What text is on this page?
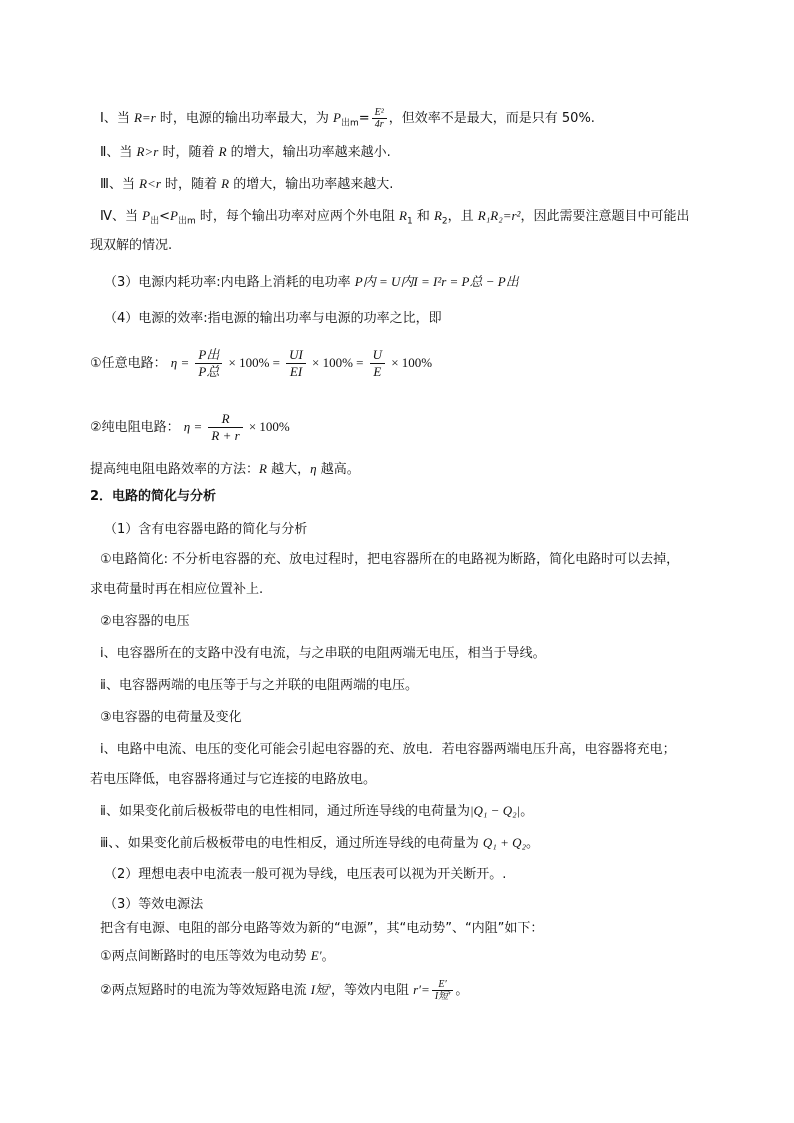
Ⅰ、当 R=r 时，电源的输出功率最大，为 $P_{出m}= \frac{\text{E²}}{4r}$ ，但效率不是最大，而是只有 50%.
Ⅱ、当 R>r 时，随着 R 的增大，输出功率越来越小.
Ⅲ、当 R<r 时，随着 R 的增大，输出功率越来越大.
Ⅳ、当 $P_出<P_{出m}$ 时，每个输出功率对应两个外电阻 $R_1$ 和 $R_2$，且 R₁R₂=r²，因此需要注意题目中可能出
现双解的情况.
（3）电源内耗功率:内电路上消耗的电功率 P内 = U内I = I²r = P总 − P出
（4）电源的效率:指电源的输出功率与电源的功率之比，即
①任意电路： $\eta = \frac{\text{P出}}{\text{P总}} \times 100\% = \frac{UI}{EI} \times 100\% = \frac{U}{E} \times 100\%$
②纯电阻电路： $\eta = \frac{R}{R + r} \times 100\%$
提高纯电阻电路效率的方法：R 越大，η 越高。
2．电路的简化与分析
（1）含有电容器电路的简化与分析
①电路简化: 不分析电容器的充、放电过程时，把电容器所在的电路视为断路，简化电路时可以去掉，
求电荷量时再在相应位置补上.
②电容器的电压
ⅰ、电容器所在的支路中没有电流，与之串联的电阻两端无电压，相当于导线。
ⅱ、电容器两端的电压等于与之并联的电阻两端的电压。
③电容器的电荷量及变化
ⅰ、电路中电流、电压的变化可能会引起电容器的充、放电．若电容器两端电压升高，电容器将充电；
若电压降低，电容器将通过与它连接的电路放电。
ⅱ、如果变化前后极板带电的电性相同，通过所连导线的电荷量为|Q₁ − Q₂|。
ⅲ、、如果变化前后极板带电的电性相反，通过所连导线的电荷量为 Q₁ + Q₂。
（2）理想电表中电流表一般可视为导线，电压表可以视为开关断开。.
（3）等效电源法
把含有电源、电阻的部分电路等效为新的“电源”，其“电动势”、“内阻”如下：
①两点间断路时的电压等效为电动势 E′。
②两点短路时的电流为等效短路电流 I短′，等效内电阻 $r'= \frac{E'}{\text{I短′}}$ 。
